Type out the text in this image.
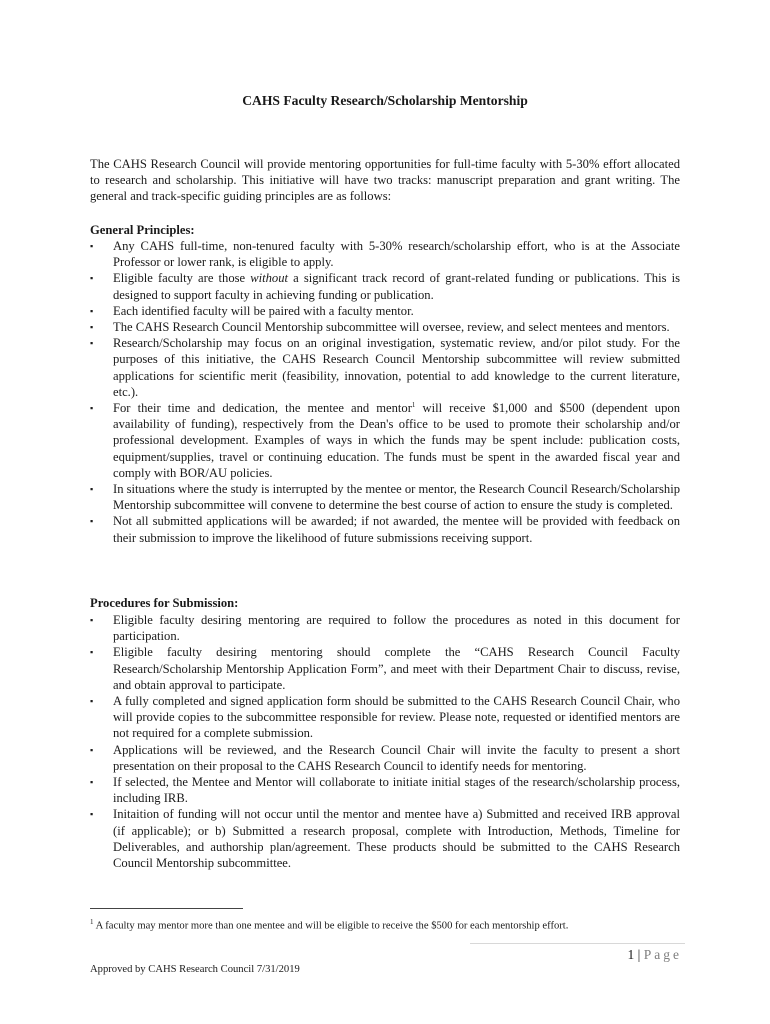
CAHS Faculty Research/Scholarship Mentorship

The CAHS Research Council will provide mentoring opportunities for full-time faculty with 5-30% effort allocated to research and scholarship. This initiative will have two tracks: manuscript preparation and grant writing. The general and track-specific guiding principles are as follows:

General Principles:
▪ Any CAHS full-time, non-tenured faculty with 5-30% research/scholarship effort, who is at the Associate Professor or lower rank, is eligible to apply.
▪ Eligible faculty are those without a significant track record of grant-related funding or publications. This is designed to support faculty in achieving funding or publication.
▪ Each identified faculty will be paired with a faculty mentor.
▪ The CAHS Research Council Mentorship subcommittee will oversee, review, and select mentees and mentors.
▪ Research/Scholarship may focus on an original investigation, systematic review, and/or pilot study. For the purposes of this initiative, the CAHS Research Council Mentorship subcommittee will review submitted applications for scientific merit (feasibility, innovation, potential to add knowledge to the current literature, etc.).
▪ For their time and dedication, the mentee and mentor$^1$ will receive $1,000 and $500 (dependent upon availability of funding), respectively from the Dean's office to be used to promote their scholarship and/or professional development. Examples of ways in which the funds may be spent include: publication costs, equipment/supplies, travel or continuing education. The funds must be spent in the awarded fiscal year and comply with BOR/AU policies.
▪ In situations where the study is interrupted by the mentee or mentor, the Research Council Research/Scholarship Mentorship subcommittee will convene to determine the best course of action to ensure the study is completed.
▪ Not all submitted applications will be awarded; if not awarded, the mentee will be provided with feedback on their submission to improve the likelihood of future submissions receiving support.
Procedures for Submission:
▪ Eligible faculty desiring mentoring are required to follow the procedures as noted in this document for participation.
▪ Eligible faculty desiring mentoring should complete the “CAHS Research Council Faculty Research/Scholarship Mentorship Application Form”, and meet with their Department Chair to discuss, revise, and obtain approval to participate.
▪ A fully completed and signed application form should be submitted to the CAHS Research Council Chair, who will provide copies to the subcommittee responsible for review. Please note, requested or identified mentors are not required for a complete submission.
▪ Applications will be reviewed, and the Research Council Chair will invite the faculty to present a short presentation on their proposal to the CAHS Research Council to identify needs for mentoring.
▪ If selected, the Mentee and Mentor will collaborate to initiate initial stages of the research/scholarship process, including IRB.
▪ Initaition of funding will not occur until the mentor and mentee have a) Submitted and received IRB approval (if applicable); or b) Submitted a research proposal, complete with Introduction, Methods, Timeline for Deliverables, and authorship plan/agreement. These products should be submitted to the CAHS Research Council Mentorship subcommittee.
$^1$ A faculty may mentor more than one mentee and will be eligible to receive the $500 for each mentorship effort.
1 | Page
Approved by CAHS Research Council 7/31/2019
